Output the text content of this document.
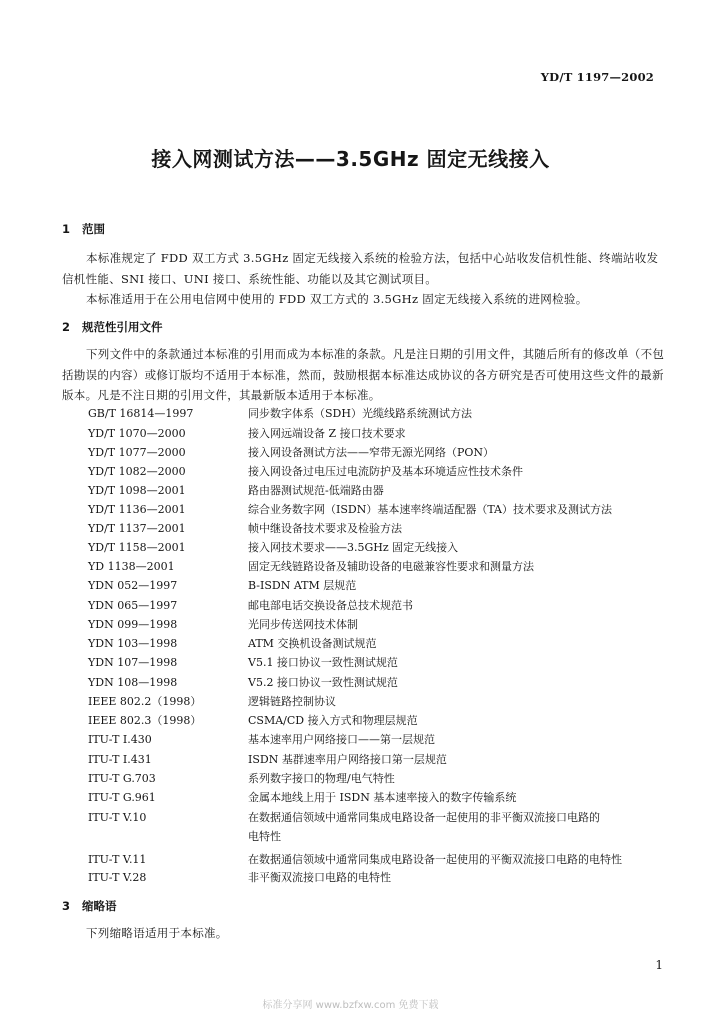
YD/T 1197—2002
接入网测试方法——3.5GHz 固定无线接入
1 范围
本标准规定了 FDD 双工方式 3.5GHz 固定无线接入系统的检验方法，包括中心站收发信机性能、终端站收发信机性能、SNI 接口、UNI 接口、系统性能、功能以及其它测试项目。
本标准适用于在公用电信网中使用的 FDD 双工方式的 3.5GHz 固定无线接入系统的进网检验。
2 规范性引用文件
下列文件中的条款通过本标准的引用而成为本标准的条款。凡是注日期的引用文件，其随后所有的修改单（不包括勘误的内容）或修订版均不适用于本标准，然而，鼓励根据本标准达成协议的各方研究是否可使用这些文件的最新版本。凡是不注日期的引用文件，其最新版本适用于本标准。
GB/T 16814—1997	同步数字体系（SDH）光缆线路系统测试方法
YD/T 1070—2000	接入网远端设备 Z 接口技术要求
YD/T 1077—2000	接入网设备测试方法——窄带无源光网络（PON）
YD/T 1082—2000	接入网设备过电压过电流防护及基本环境适应性技术条件
YD/T 1098—2001	路由器测试规范-低端路由器
YD/T 1136—2001	综合业务数字网（ISDN）基本速率终端适配器（TA）技术要求及测试方法
YD/T 1137—2001	帧中继设备技术要求及检验方法
YD/T 1158—2001	接入网技术要求——3.5GHz 固定无线接入
YD 1138—2001	固定无线链路设备及辅助设备的电磁兼容性要求和测量方法
YDN 052—1997	B-ISDN ATM 层规范
YDN 065—1997	邮电部电话交换设备总技术规范书
YDN 099—1998	光同步传送网技术体制
YDN 103—1998	ATM 交换机设备测试规范
YDN 107—1998	V5.1 接口协议一致性测试规范
YDN 108—1998	V5.2 接口协议一致性测试规范
IEEE 802.2（1998）	逻辑链路控制协议
IEEE 802.3（1998）	CSMA/CD 接入方式和物理层规范
ITU-T I.430	基本速率用户网络接口——第一层规范
ITU-T I.431	ISDN 基群速率用户网络接口第一层规范
ITU-T G.703	系列数字接口的物理/电气特性
ITU-T G.961	金属本地线上用于 ISDN 基本速率接入的数字传输系统
ITU-T V.10	在数据通信领域中通常同集成电路设备一起使用的非平衡双流接口电路的
电特性
ITU-T V.11	在数据通信领域中通常同集成电路设备一起使用的平衡双流接口电路的电特性
ITU-T V.28	非平衡双流接口电路的电特性
3 缩略语
下列缩略语适用于本标准。
1
标准分享网 www.bzfxw.com 免费下载
